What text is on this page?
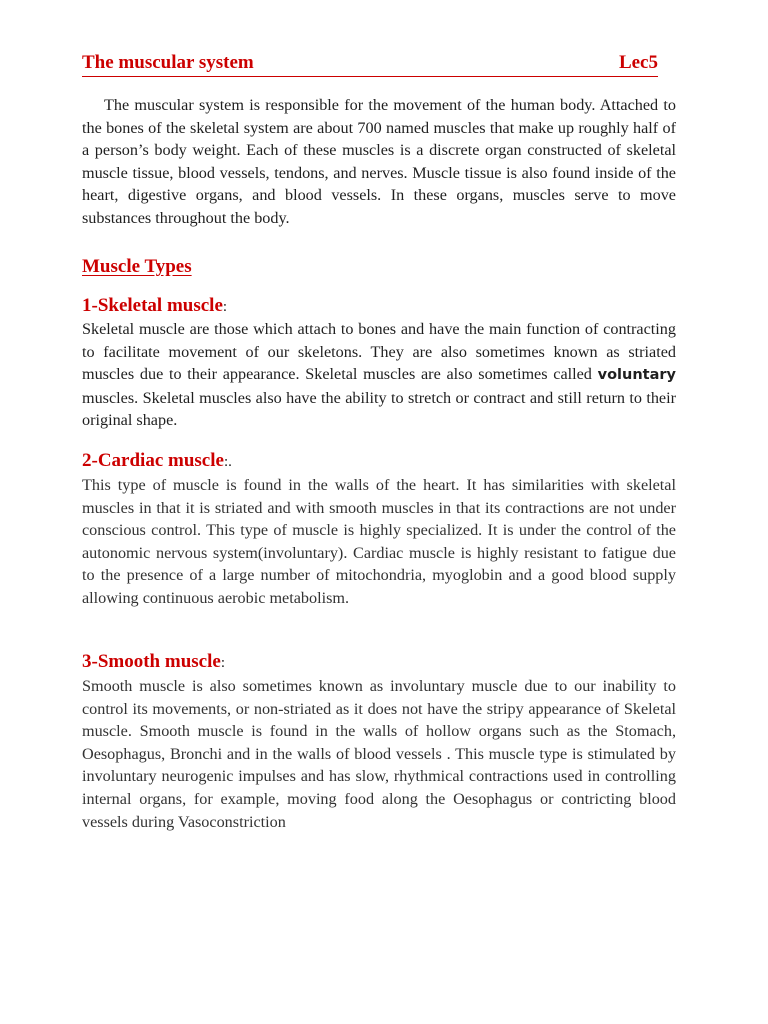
The muscular system	Lec5

The muscular system is responsible for the movement of the human body. Attached to the bones of the skeletal system are about 700 named muscles that make up roughly half of a person’s body weight. Each of these muscles is a discrete organ constructed of skeletal muscle tissue, blood vessels, tendons, and nerves. Muscle tissue is also found inside of the heart, digestive organs, and blood vessels. In these organs, muscles serve to move substances throughout the body.

Muscle Types
1-Skeletal muscle:

Skeletal muscle are those which attach to bones and have the main function of contracting to facilitate movement of our skeletons. They are also sometimes known as striated muscles due to their appearance. Skeletal muscles are also sometimes called voluntary muscles. Skeletal muscles also have the ability to stretch or contract and still return to their original shape.

2-Cardiac muscle:.

This type of muscle is found in the walls of the heart. It has similarities with skeletal muscles in that it is striated and with smooth muscles in that its contractions are not under conscious control. This type of muscle is highly specialized. It is under the control of the autonomic nervous system(involuntary). Cardiac muscle is highly resistant to fatigue due to the presence of a large number of mitochondria, myoglobin and a good blood supply allowing continuous aerobic metabolism.

3-Smooth muscle:

Smooth muscle is also sometimes known as involuntary muscle due to our inability to control its movements, or non-striated as it does not have the stripy appearance of Skeletal muscle. Smooth muscle is found in the walls of hollow organs such as the Stomach, Oesophagus, Bronchi and in the walls of blood vessels . This muscle type is stimulated by involuntary neurogenic impulses and has slow, rhythmical contractions used in controlling internal organs, for example, moving food along the Oesophagus or contricting blood vessels during Vasoconstriction
